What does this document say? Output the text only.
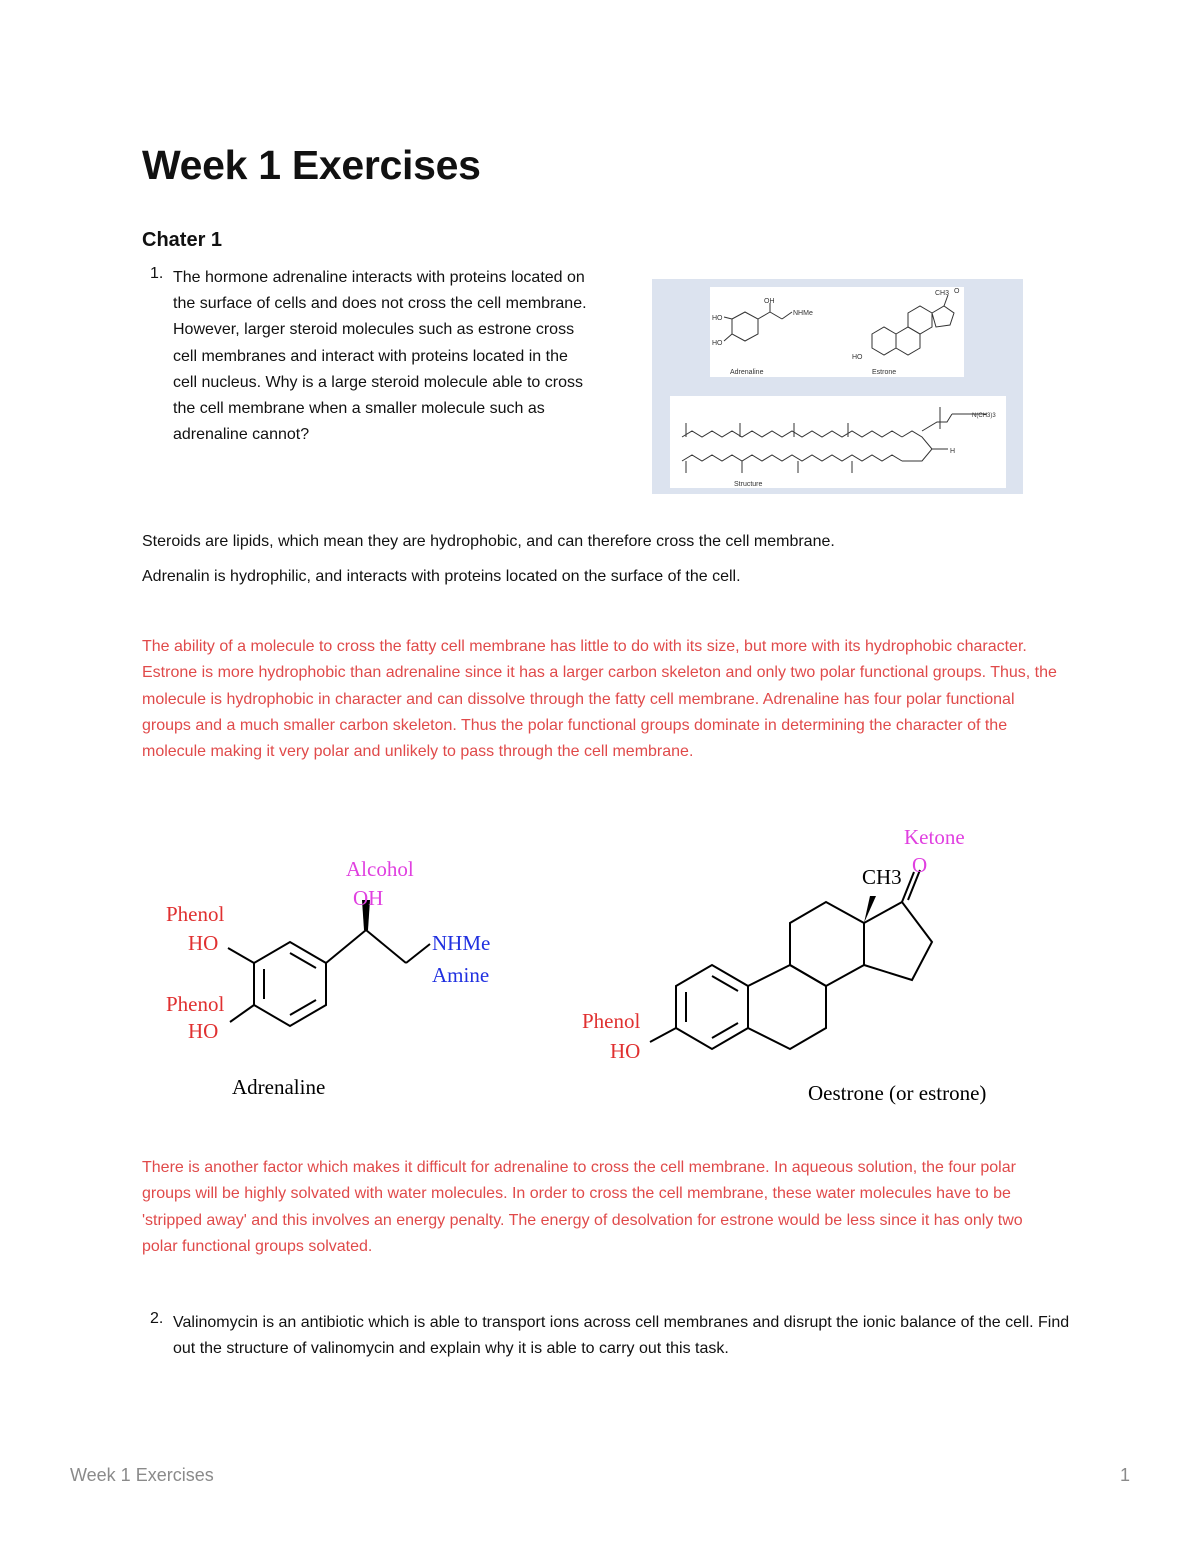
Week 1 Exercises
Chater 1
1. The hormone adrenaline interacts with proteins located on the surface of cells and does not cross the cell membrane. However, larger steroid molecules such as estrone cross cell membranes and interact with proteins located in the cell nucleus. Why is a large steroid molecule able to cross the cell membrane when a smaller molecule such as adrenaline cannot?
OH
HO
HO
NHMe
Adrenaline
HO
CH3 O
Estrone
H
N(CH3)3
Structure

Steroids are lipids, which mean they are hydrophobic, and can therefore cross the cell membrane.

Adrenalin is hydrophilic, and interacts with proteins located on the surface of the cell.

The ability of a molecule to cross the fatty cell membrane has little to do with its size, but more with its hydrophobic character. Estrone is more hydrophobic than adrenaline since it has a larger carbon skeleton and only two polar functional groups. Thus, the molecule is hydrophobic in character and can dissolve through the fatty cell membrane. Adrenaline has four polar functional groups and a much smaller carbon skeleton. Thus the polar functional groups dominate in determining the character of the molecule making it very polar and unlikely to pass through the cell membrane.
Alcohol
OH
Phenol
HO
Phenol
HO
NHMe
Amine
Adrenaline
Ketone
O
CH3
Phenol
HO
Oestrone (or estrone)
There is another factor which makes it difficult for adrenaline to cross the cell membrane. In aqueous solution, the four polar groups will be highly solvated with water molecules. In order to cross the cell membrane, these water molecules have to be 'stripped away' and this involves an energy penalty. The energy of desolvation for estrone would be less since it has only two polar functional groups solvated.
2. Valinomycin is an antibiotic which is able to transport ions across cell membranes and disrupt the ionic balance of the cell. Find out the structure of valinomycin and explain why it is able to carry out this task.
Week 1 Exercises	1
